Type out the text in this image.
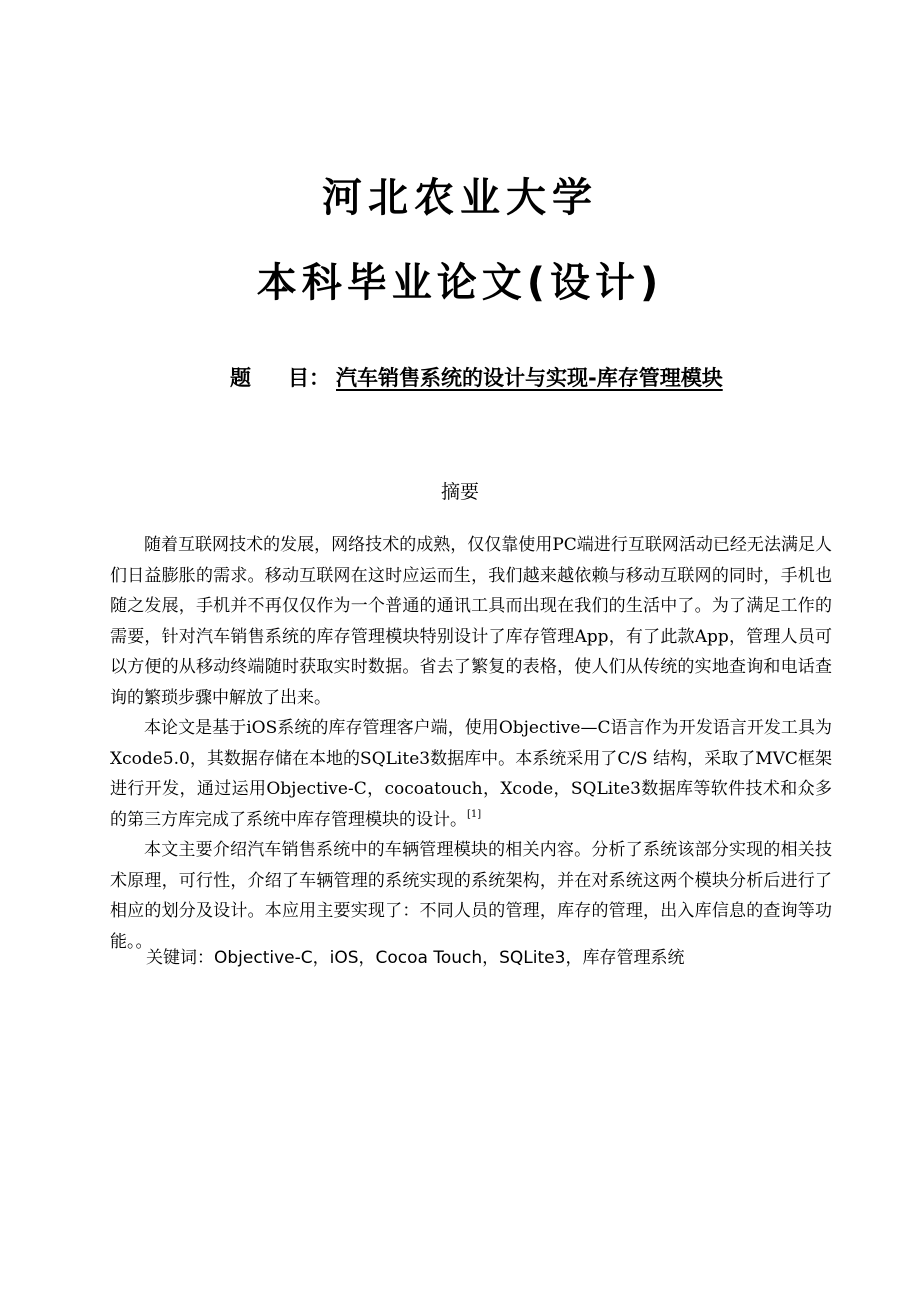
河北农业大学
本科毕业论文(设计)
题 目： 汽车销售系统的设计与实现-库存管理模块
摘要

随着互联网技术的发展，网络技术的成熟，仅仅靠使用PC端进行互联网活动已经无法满足人们日益膨胀的需求。移动互联网在这时应运而生，我们越来越依赖与移动互联网的同时，手机也随之发展，手机并不再仅仅作为一个普通的通讯工具而出现在我们的生活中了。为了满足工作的需要，针对汽车销售系统的库存管理模块特别设计了库存管理App，有了此款App，管理人员可以方便的从移动终端随时获取实时数据。省去了繁复的表格，使人们从传统的实地查询和电话查询的繁琐步骤中解放了出来。

本论文是基于iOS系统的库存管理客户端，使用Objective—C语言作为开发语言开发工具为Xcode5.0，其数据存储在本地的SQLite3数据库中。本系统采用了C/S 结构，采取了MVC框架进行开发，通过运用Objective-C，cocoatouch，Xcode，SQLite3数据库等软件技术和众多的第三方库完成了系统中库存管理模块的设计。[1]

本文主要介绍汽车销售系统中的车辆管理模块的相关内容。分析了系统该部分实现的相关技术原理，可行性，介绍了车辆管理的系统实现的系统架构，并在对系统这两个模块分析后进行了相应的划分及设计。本应用主要实现了：不同人员的管理，库存的管理，出入库信息的查询等功能。。

关键词：Objective-C，iOS，Cocoa Touch，SQLite3，库存管理系统
